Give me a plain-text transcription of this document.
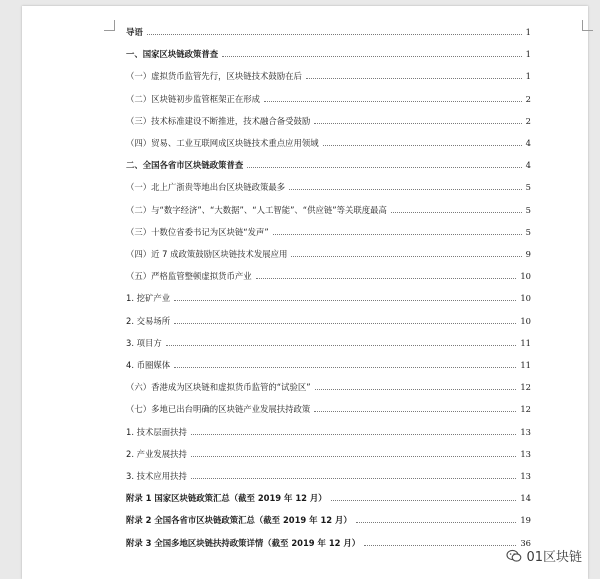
导语	1
一、国家区块链政策普查	1
（一）虚拟货币监管先行，区块链技术鼓励在后	1
（二）区块链初步监管框架正在形成	2
（三）技术标准建设不断推进，技术融合备受鼓励	2
（四）贸易、工业互联网成区块链技术重点应用领域	4
二、全国各省市区块链政策普查	4
（一）北上广浙贵等地出台区块链政策最多	5
（二）与“数字经济”、“大数据”、“人工智能”、“供应链”等关联度最高	5
（三）十数位省委书记为区块链“发声”	5
（四）近 7 成政策鼓励区块链技术发展应用	9
（五）严格监管整顿虚拟货币产业	10
1. 挖矿产业	10
2. 交易场所	10
3. 项目方	11
4. 币圈媒体	11
（六）香港成为区块链和虚拟货币监管的“试验区”	12
（七）多地已出台明确的区块链产业发展扶持政策	12
1. 技术层面扶持	13
2. 产业发展扶持	13
3. 技术应用扶持	13
附录 1 国家区块链政策汇总（截至 2019 年 12 月）	14
附录 2 全国各省市区块链政策汇总（截至 2019 年 12 月）	19
附录 3 全国多地区块链扶持政策详情（截至 2019 年 12 月）	36
01区块链
